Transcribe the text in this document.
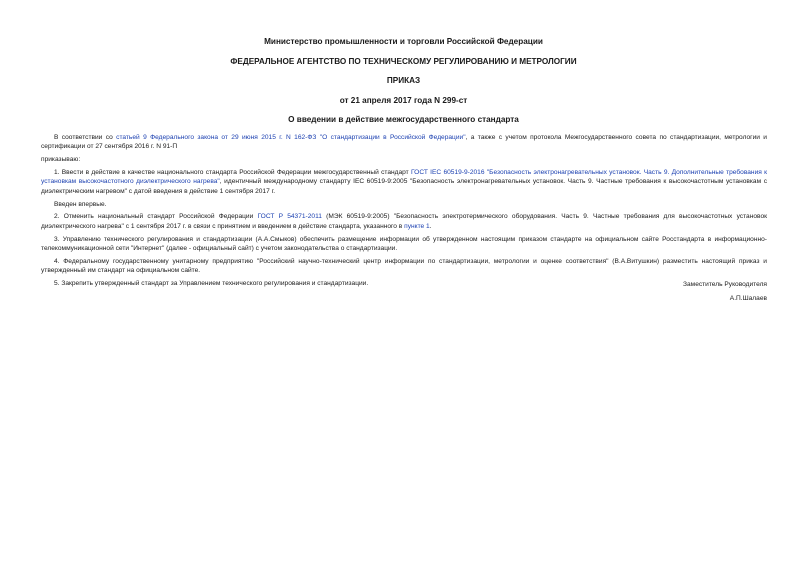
Министерство промышленности и торговли Российской Федерации
ФЕДЕРАЛЬНОЕ АГЕНТСТВО ПО ТЕХНИЧЕСКОМУ РЕГУЛИРОВАНИЮ И МЕТРОЛОГИИ
ПРИКАЗ
от 21 апреля 2017 года N 299-ст
О введении в действие межгосударственного стандарта

В соответствии со статьей 9 Федерального закона от 29 июня 2015 г. N 162-ФЗ "О стандартизации в Российской Федерации", а также с учетом протокола Межгосударственного совета по стандартизации, метрологии и сертификации от 27 сентября 2016 г. N 91-П

приказываю:

1. Ввести в действие в качестве национального стандарта Российской Федерации межгосударственный стандарт ГОСТ IEC 60519-9-2016 "Безопасность электронагревательных установок. Часть 9. Дополнительные требования к установкам высокочастотного диэлектрического нагрева", идентичный международному стандарту IEC 60519-9:2005 "Безопасность электронагревательных установок. Часть 9. Частные требования к высокочастотным установкам с диэлектрическим нагревом" с датой введения в действие 1 сентября 2017 г.

Введен впервые.

2. Отменить национальный стандарт Российской Федерации ГОСТ Р 54371-2011 (МЭК 60519-9:2005) "Безопасность электротермического оборудования. Часть 9. Частные требования для высокочастотных установок диэлектрического нагрева" с 1 сентября 2017 г. в связи с принятием и введением в действие стандарта, указанного в пункте 1.

3. Управлению технического регулирования и стандартизации (А.А.Смыков) обеспечить размещение информации об утвержденном настоящим приказом стандарте на официальном сайте Росстандарта в информационно-телекоммуникационной сети "Интернет" (далее - официальный сайт) с учетом законодательства о стандартизации.

4. Федеральному государственному унитарному предприятию "Российский научно-технический центр информации по стандартизации, метрологии и оценке соответствия" (В.А.Витушкин) разместить настоящий приказ и утвержденный им стандарт на официальном сайте.

5. Закрепить утвержденный стандарт за Управлением технического регулирования и стандартизации.	Заместитель Руководителя
А.П.Шалаев
